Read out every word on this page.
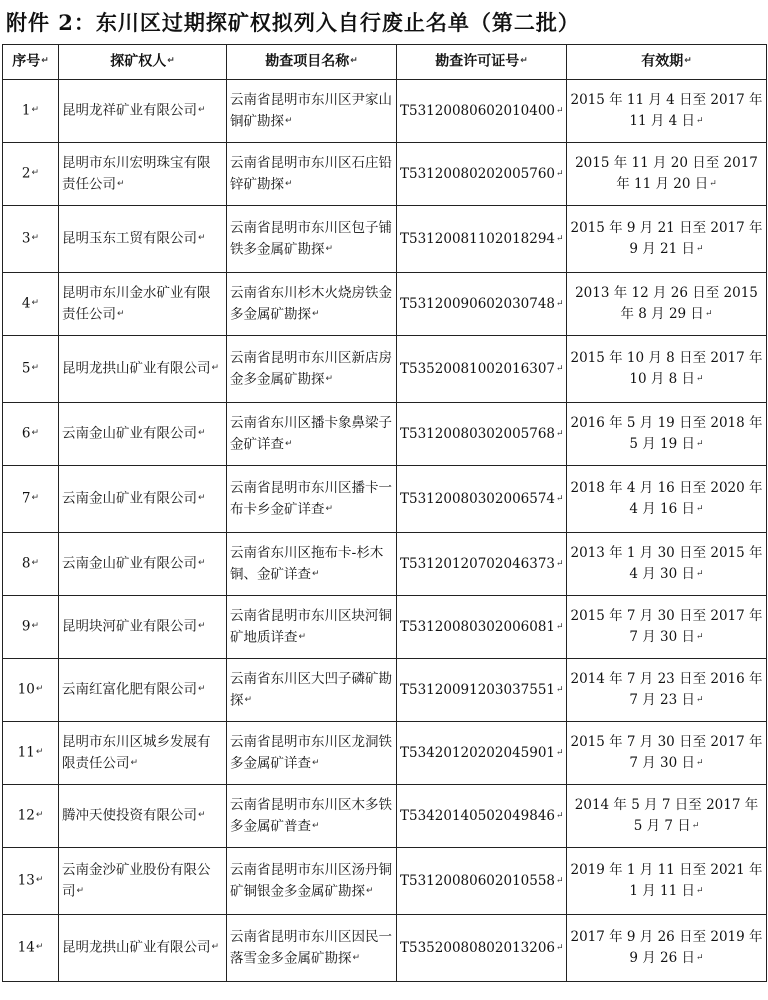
附件 2：东川区过期探矿权拟列入自行废止名单（第二批）
序号↵	探矿权人↵	勘查项目名称↵	勘查许可证号↵	有效期↵
1↵	昆明龙祥矿业有限公司↵	云南省昆明市东川区尹家山铜矿勘探↵	T53120080602010400↵	2015 年 11 月 4 日至 2017 年 11 月 4 日↵
2↵	昆明市东川宏明珠宝有限责任公司↵	云南省昆明市东川区石庄铅锌矿勘探↵	T53120080202005760↵	2015 年 11 月 20 日至 2017 年 11 月 20 日↵
3↵	昆明玉东工贸有限公司↵	云南省昆明市东川区包子铺铁多金属矿勘探↵	T53120081102018294↵	2015 年 9 月 21 日至 2017 年 9 月 21 日↵
4↵	昆明市东川金水矿业有限责任公司↵	云南省东川杉木火烧房铁金多金属矿勘探↵	T53120090602030748↵	2013 年 12 月 26 日至 2015 年 8 月 29 日↵
5↵	昆明龙拱山矿业有限公司↵	云南省昆明市东川区新店房金多金属矿勘探↵	T53520081002016307↵	2015 年 10 月 8 日至 2017 年 10 月 8 日↵
6↵	云南金山矿业有限公司↵	云南省东川区播卡象鼻梁子金矿详查↵	T53120080302005768↵	2016 年 5 月 19 日至 2018 年 5 月 19 日↵
7↵	云南金山矿业有限公司↵	云南省昆明市东川区播卡一布卡乡金矿详查↵	T53120080302006574↵	2018 年 4 月 16 日至 2020 年 4 月 16 日↵
8↵	云南金山矿业有限公司↵	云南省东川区拖布卡-杉木铜、金矿详查↵	T53120120702046373↵	2013 年 1 月 30 日至 2015 年 4 月 30 日↵
9↵	昆明块河矿业有限公司↵	云南省昆明市东川区块河铜矿地质详查↵	T53120080302006081↵	2015 年 7 月 30 日至 2017 年 7 月 30 日↵
10↵	云南红富化肥有限公司↵	云南省东川区大凹子磷矿勘探↵	T53120091203037551↵	2014 年 7 月 23 日至 2016 年 7 月 23 日↵
11↵	昆明市东川区城乡发展有限责任公司↵	云南省昆明市东川区龙洞铁多金属矿详查↵	T53420120202045901↵	2015 年 7 月 30 日至 2017 年 7 月 30 日↵
12↵	腾冲天使投资有限公司↵	云南省昆明市东川区木多铁多金属矿普查↵	T53420140502049846↵	2014 年 5 月 7 日至 2017 年 5 月 7 日↵
13↵	云南金沙矿业股份有限公司↵	云南省昆明市东川区汤丹铜矿铜银金多金属矿勘探↵	T53120080602010558↵	2019 年 1 月 11 日至 2021 年 1 月 11 日↵
14↵	昆明龙拱山矿业有限公司↵	云南省昆明市东川区因民一落雪金多金属矿勘探↵	T53520080802013206↵	2017 年 9 月 26 日至 2019 年 9 月 26 日↵
